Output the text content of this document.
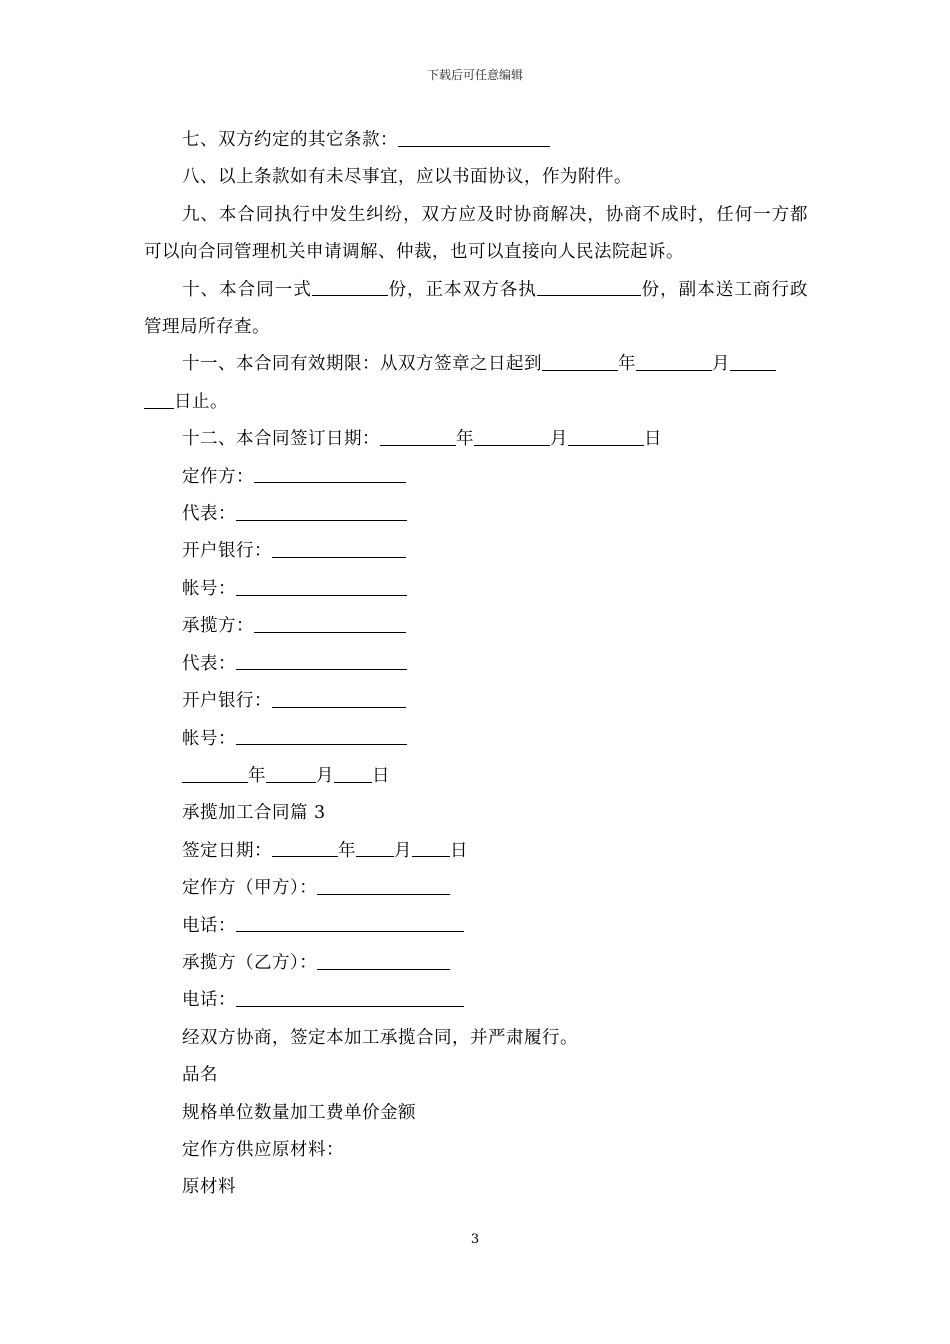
下载后可任意编辑

七、双方约定的其它条款：

八、以上条款如有未尽事宜，应以书面协议，作为附件。

九、本合同执行中发生纠纷，双方应及时协商解决，协商不成时，任何一方都可以向合同管理机关申请调解、仲裁，也可以直接向人民法院起诉。

十、本合同一式	份，正本双方各执	份，副本送工商行政管理局所存查。

十一、本合同有效期限：从双方签章之日起到	年	月
日止。

十二、本合同签订日期：	年	月	日

定作方：

代表：

开户银行：

帐号：

承揽方：

代表：

开户银行：

帐号：

年	月 日

承揽加工合同篇 3

签定日期：	年 月 日

定作方（甲方）：

电话：

承揽方（乙方）：

电话：

经双方协商，签定本加工承揽合同，并严肃履行。

品名

规格单位数量加工费单价金额

定作方供应原材料：

原材料

3
